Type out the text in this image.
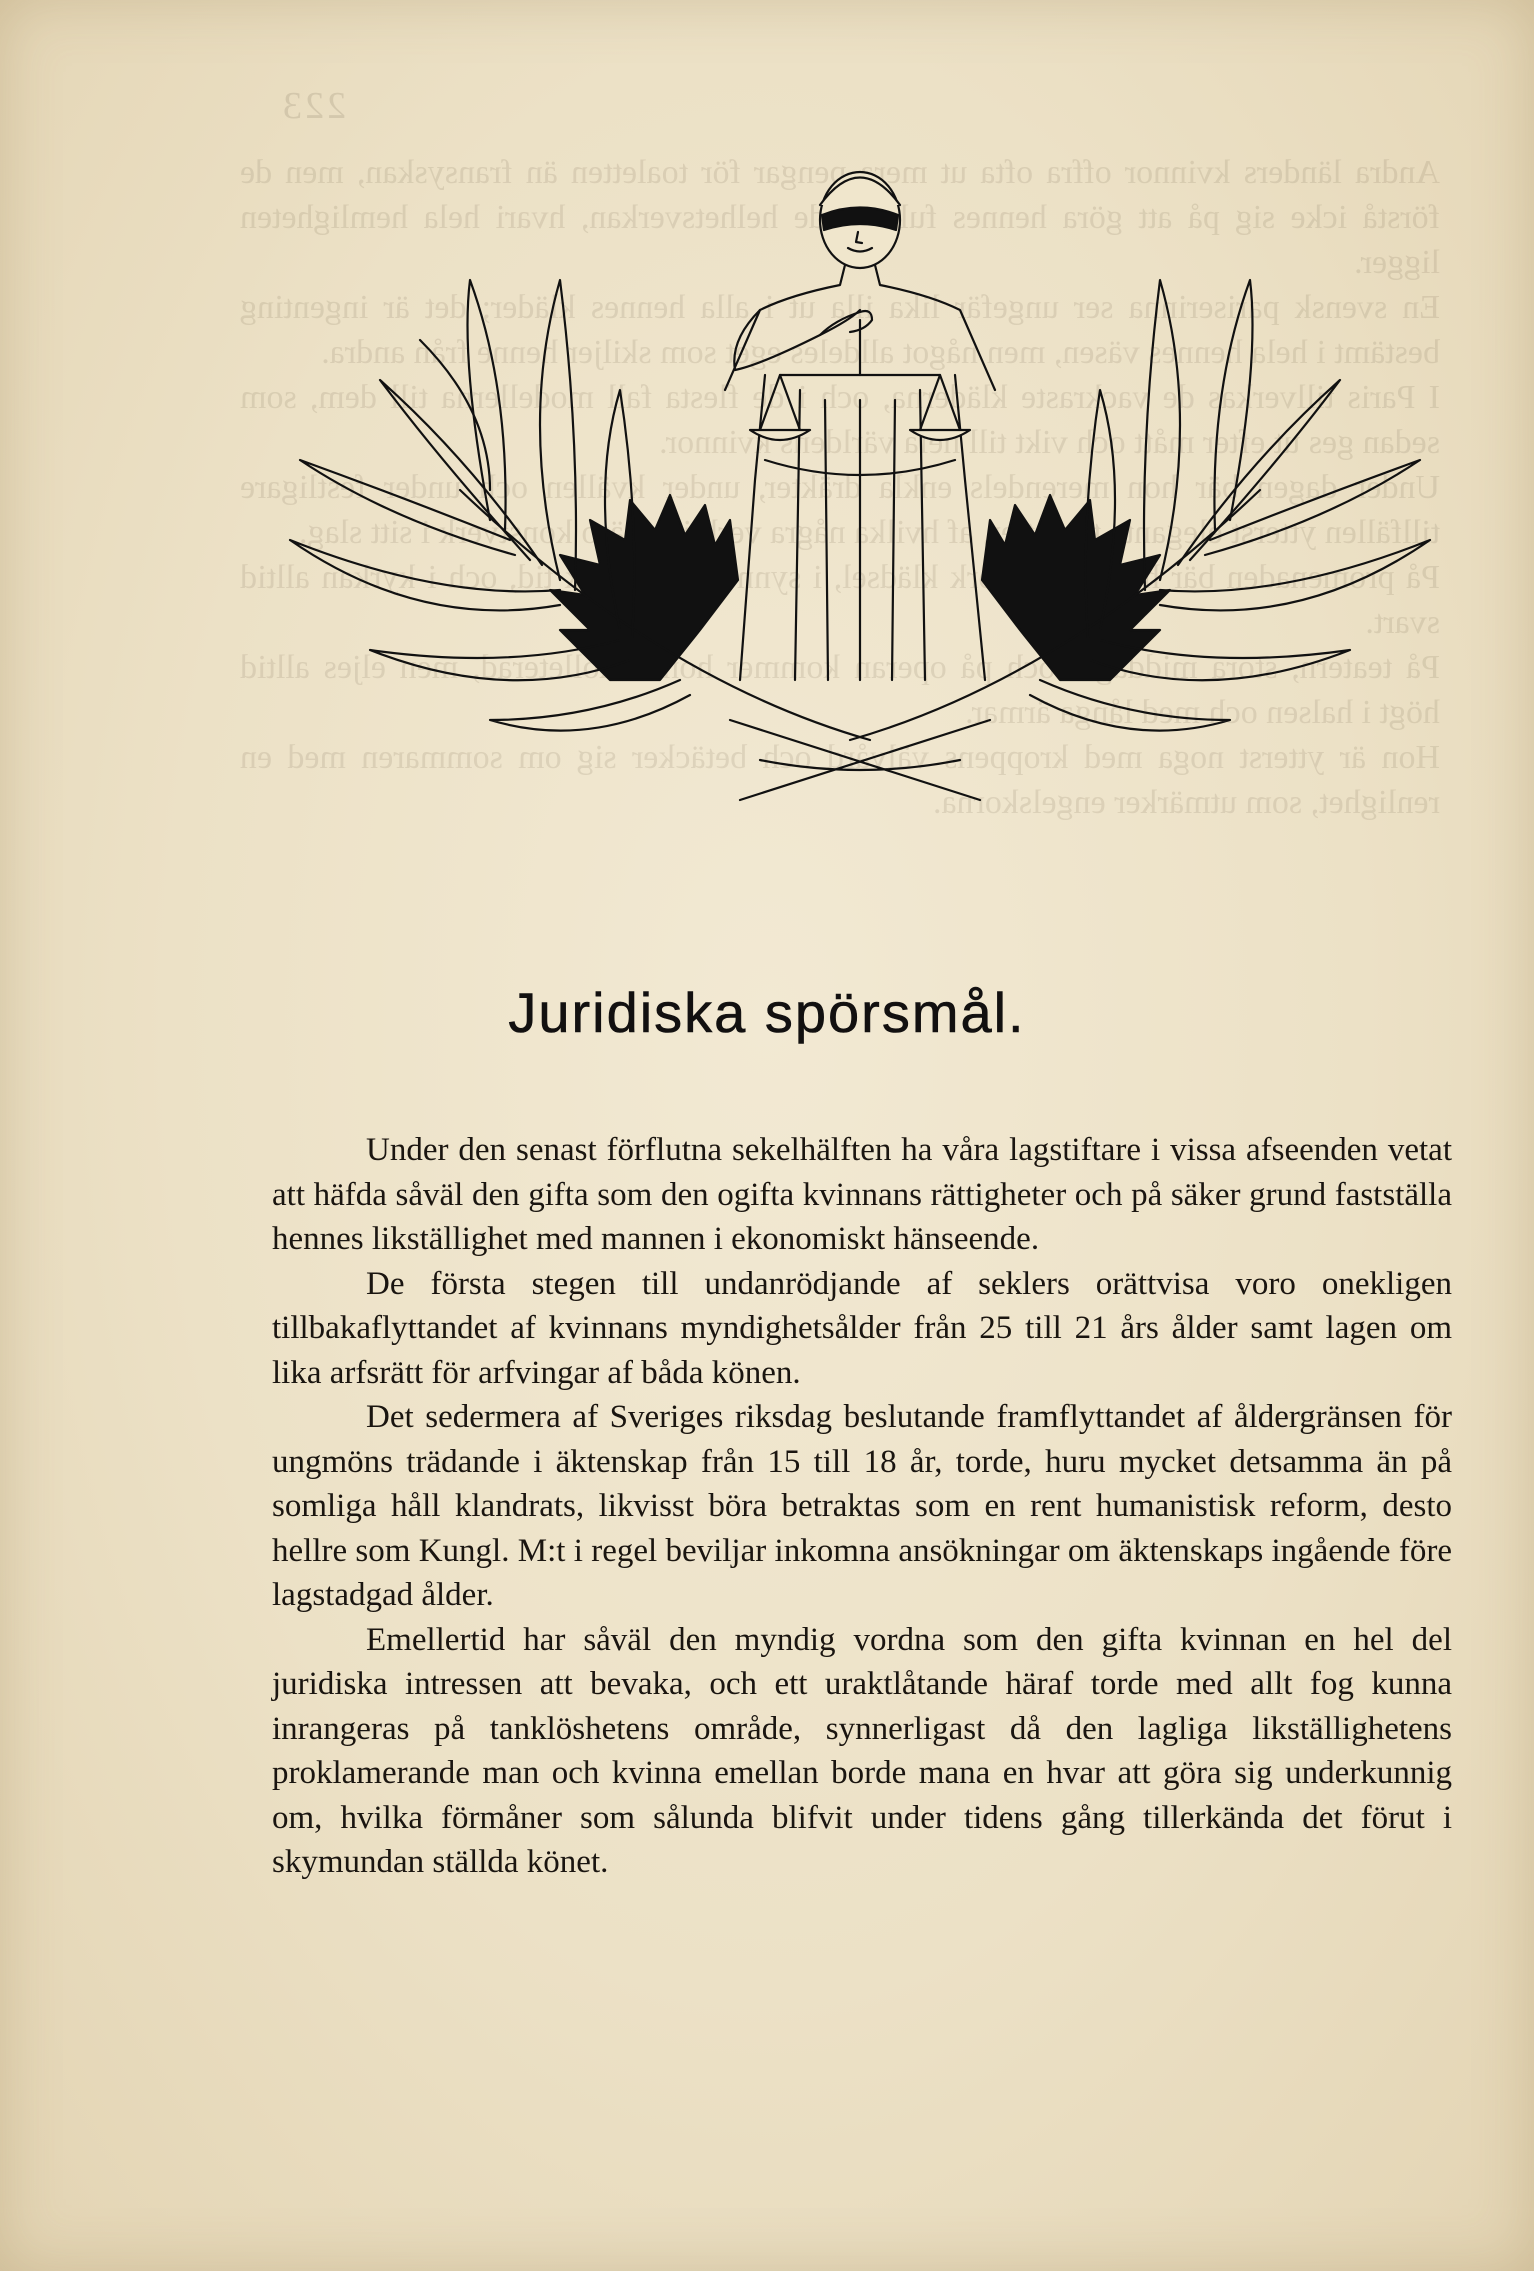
223
Andra länders kvinnor offra ofta ut mera pengar för toaletten än fransyskan, men de förstå icke sig på att göra hennes helhetsverkan, hvari hela hemligheten ligger.
En svensk pariserinna ser ungefär lika illa ut i alla hennes kläder; det är ingenting bestämt i hela hennes väsen, men något alldeles eget som skiljer henne från andra.
I Paris tillverkas de vackraste kläderna, och i de flesta fall modellerna till dem, som sedan ges ut efter mått och vikt till hela världens kvinnor.
Under dagen bär hon merendels enkla dräkter, under kvällen och under festligare tillfällen ytterst eleganta af hvilka några konstverk i sitt slag.
På promenaden bär klädsel, i tid, och i kyrkan alltid svart.
På teatern, stora middagar och på operan kommer hon dekolleterad, men eljes alltid högt i halsen och med långa ärmar.
Hon är ytterst noga med kroppens välvård och betäcker sig om sommaren med en renlighet, som utmärker engelskorna.
Juridiska spörsmål.

Under den senast förflutna sekelhälften ha våra lagstiftare i vissa afseenden vetat att häfda såväl den gifta som den ogifta kvinnans rättigheter och på säker grund fastställa hennes likställighet med mannen i ekonomiskt hänseende.

De första stegen till undanrödjande af seklers orättvisa voro onekligen tillbakaflyttandet af kvinnans myndighetsålder från 25 till 21 års ålder samt lagen om lika arfsrätt för arfvingar af båda könen.

Det sedermera af Sveriges riksdag beslutande framflyttandet af åldergränsen för ungmöns trädande i äktenskap från 15 till 18 år, torde, huru mycket detsamma än på somliga håll klandrats, likvisst böra betraktas som en rent humanistisk reform, desto hellre som Kungl. M:t i regel beviljar inkomna ansökningar om äktenskaps ingående före lagstadgad ålder.

Emellertid har såväl den myndig vordna som den gifta kvinnan en hel del juridiska intressen att bevaka, och ett uraktlåtande häraf torde med allt fog kunna inrangeras på tanklöshetens område, synnerligast då den lagliga likställighetens proklamerande man och kvinna emellan borde mana en hvar att göra sig underkunnig om, hvilka förmåner som sålunda blifvit under tidens gång tillerkända det förut i skymundan ställda könet.
